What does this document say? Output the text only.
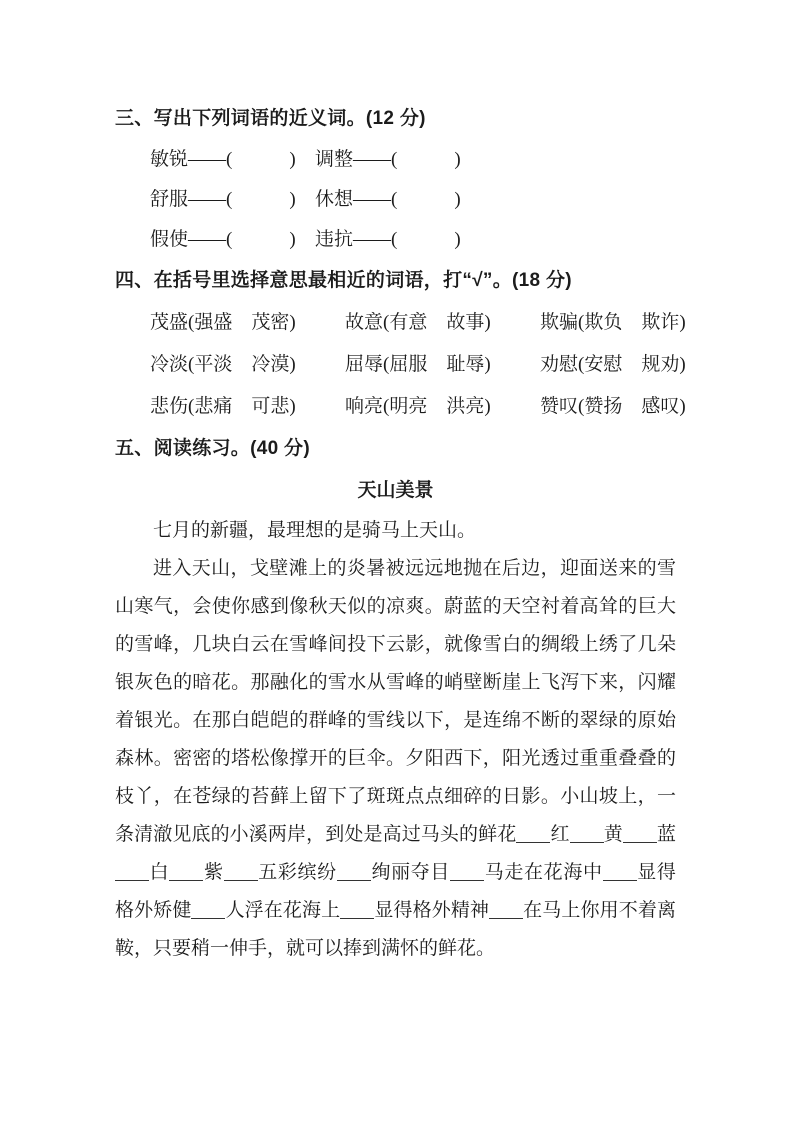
三、写出下列词语的近义词。(12 分)
敏锐——(　　　)	调整——(　　　)
舒服——(　　　)	休想——(　　　)
假使——(　　　)	违抗——(　　　)
四、在括号里选择意思最相近的词语，打“√”。(18 分)
茂盛(强盛　茂密)	故意(有意　故事)	欺骗(欺负　欺诈)
冷淡(平淡　冷漠)	屈辱(屈服　耻辱)	劝慰(安慰　规劝)
悲伤(悲痛　可悲)	响亮(明亮　洪亮)	赞叹(赞扬　感叹)
五、阅读练习。(40 分)
天山美景

七月的新疆，最理想的是骑马上天山。

进入天山，戈壁滩上的炎暑被远远地抛在后边，迎面送来的雪山寒气，会使你感到像秋天似的凉爽。蔚蓝的天空衬着高耸的巨大的雪峰，几块白云在雪峰间投下云影，就像雪白的绸缎上绣了几朵银灰色的暗花。那融化的雪水从雪峰的峭壁断崖上飞泻下来，闪耀着银光。在那白皑皑的群峰的雪线以下，是连绵不断的翠绿的原始森林。密密的塔松像撑开的巨伞。夕阳西下，阳光透过重重叠叠的枝丫，在苍绿的苔藓上留下了斑斑点点细碎的日影。小山坡上，一条清澈见底的小溪两岸，到处是高过马头的鲜花 红 黄 蓝白 紫 五彩缤纷 绚丽夺目 马走在花海中 显得格外矫健 人浮在花海上 显得格外精神 在马上你用不着离鞍，只要稍一伸手，就可以捧到满怀的鲜花。
